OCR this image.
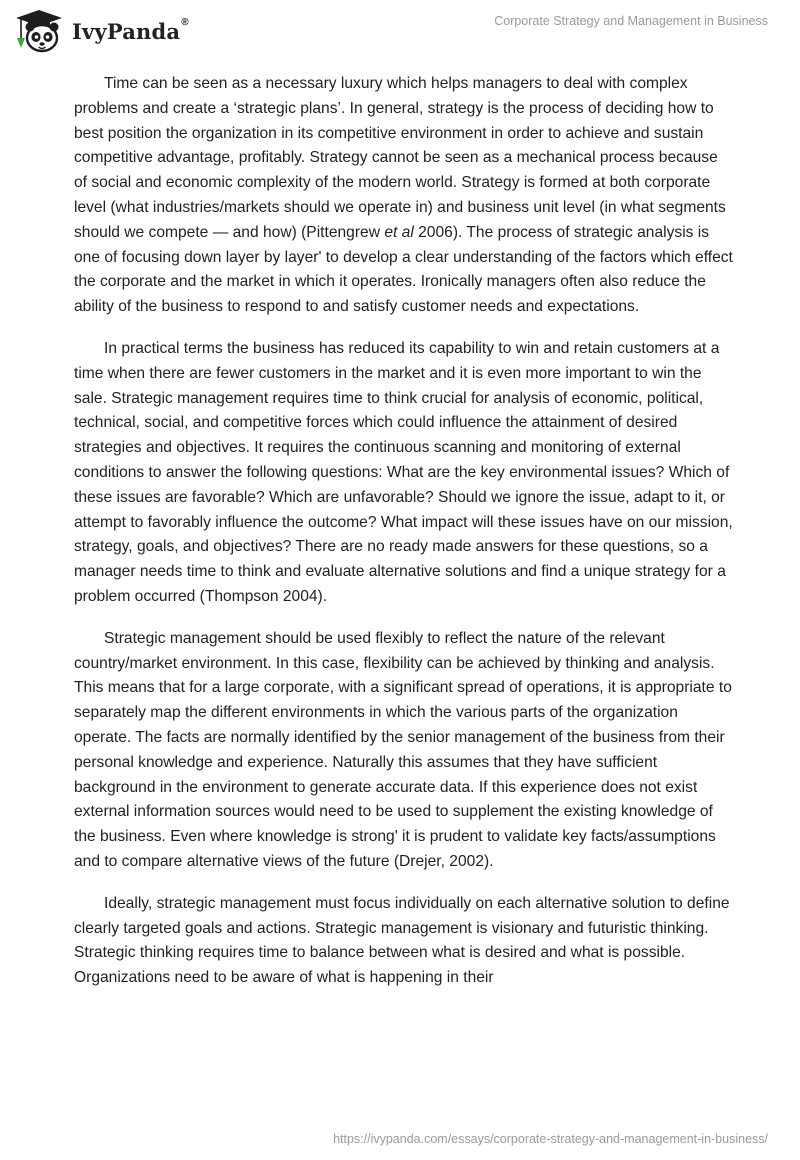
IvyPanda®	Corporate Strategy and Management in Business

Time can be seen as a necessary luxury which helps managers to deal with complex problems and create a ‘strategic plans’. In general, strategy is the process of deciding how to best position the organization in its competitive environment in order to achieve and sustain competitive advantage, profitably. Strategy cannot be seen as a mechanical process because of social and economic complexity of the modern world. Strategy is formed at both corporate level (what industries/markets should we operate in) and business unit level (in what segments should we compete — and how) (Pittengrew et al 2006). The process of strategic analysis is one of focusing down layer by layer' to develop a clear understanding of the factors which effect the corporate and the market in which it operates. Ironically managers often also reduce the ability of the business to respond to and satisfy customer needs and expectations.

In practical terms the business has reduced its capability to win and retain customers at a time when there are fewer customers in the market and it is even more important to win the sale. Strategic management requires time to think crucial for analysis of economic, political, technical, social, and competitive forces which could influence the attainment of desired strategies and objectives. It requires the continuous scanning and monitoring of external conditions to answer the following questions: What are the key environmental issues? Which of these issues are favorable? Which are unfavorable? Should we ignore the issue, adapt to it, or attempt to favorably influence the outcome? What impact will these issues have on our mission, strategy, goals, and objectives? There are no ready made answers for these questions, so a manager needs time to think and evaluate alternative solutions and find a unique strategy for a problem occurred (Thompson 2004).

Strategic management should be used flexibly to reflect the nature of the relevant country/market environment. In this case, flexibility can be achieved by thinking and analysis. This means that for a large corporate, with a significant spread of operations, it is appropriate to separately map the different environments in which the various parts of the organization operate. The facts are normally identified by the senior management of the business from their personal knowledge and experience. Naturally this assumes that they have sufficient background in the environment to generate accurate data. If this experience does not exist external information sources would need to be used to supplement the existing knowledge of the business. Even where knowledge is strong' it is prudent to validate key facts/assumptions and to compare alternative views of the future (Drejer, 2002).

Ideally, strategic management must focus individually on each alternative solution to define clearly targeted goals and actions. Strategic management is visionary and futuristic thinking. Strategic thinking requires time to balance between what is desired and what is possible. Organizations need to be aware of what is happening in their

https://ivypanda.com/essays/corporate-strategy-and-management-in-business/
